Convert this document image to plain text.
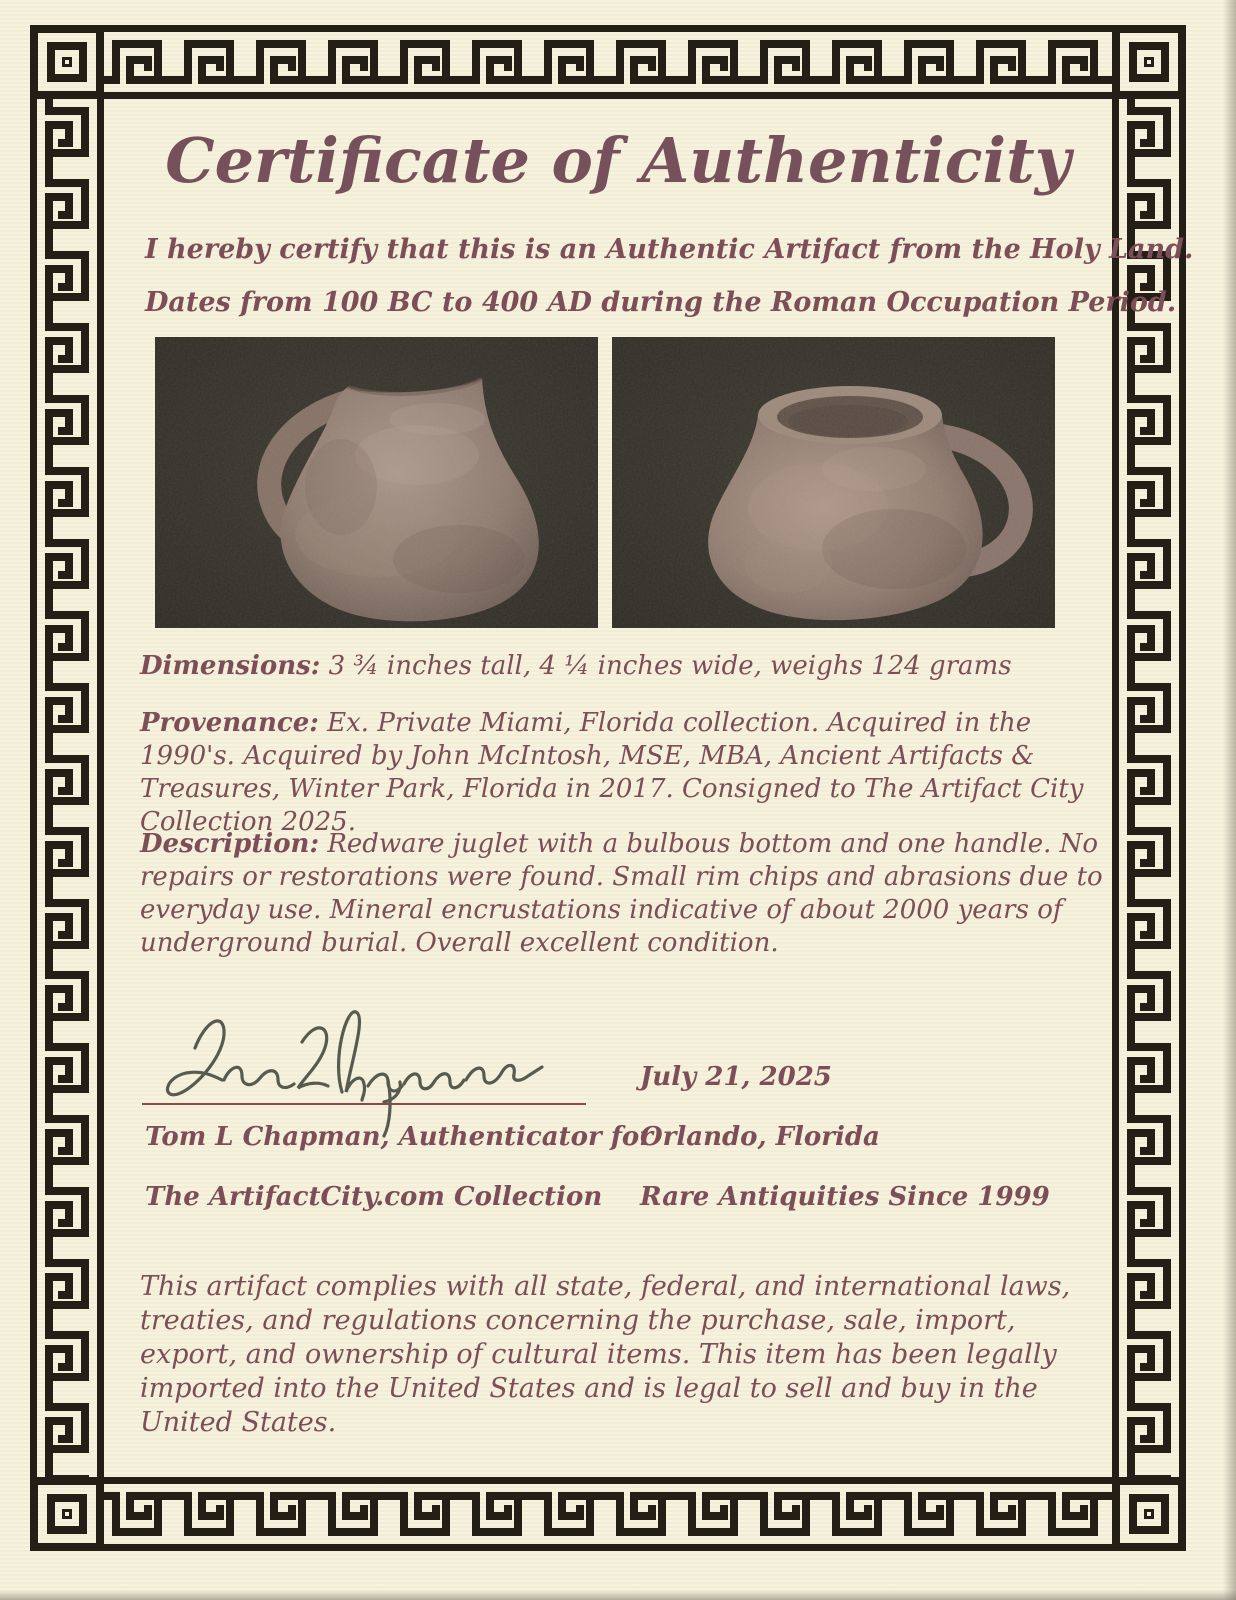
Certificate of Authenticity

I hereby certify that this is an Authentic Artifact from the Holy Land.

Dates from 100 BC to 400 AD during the Roman Occupation Period.

Dimensions: 3 ¾ inches tall, 4 ¼ inches wide, weighs 124 grams

Provenance: Ex. Private Miami, Florida collection. Acquired in the 1990's. Acquired by John McIntosh, MSE, MBA, Ancient Artifacts & Treasures, Winter Park, Florida in 2017. Consigned to The Artifact City Collection 2025.

Description: Redware juglet with a bulbous bottom and one handle. No repairs or restorations were found. Small rim chips and abrasions due to everyday use. Mineral encrustations indicative of about 2000 years of underground burial. Overall excellent condition.

Tom L Chapman, Authenticator for

The ArtifactCity.com Collection

July 21, 2025

Orlando, Florida

Rare Antiquities Since 1999

This artifact complies with all state, federal, and international laws, treaties, and regulations concerning the purchase, sale, import, export, and ownership of cultural items. This item has been legally imported into the United States and is legal to sell and buy in the United States.
